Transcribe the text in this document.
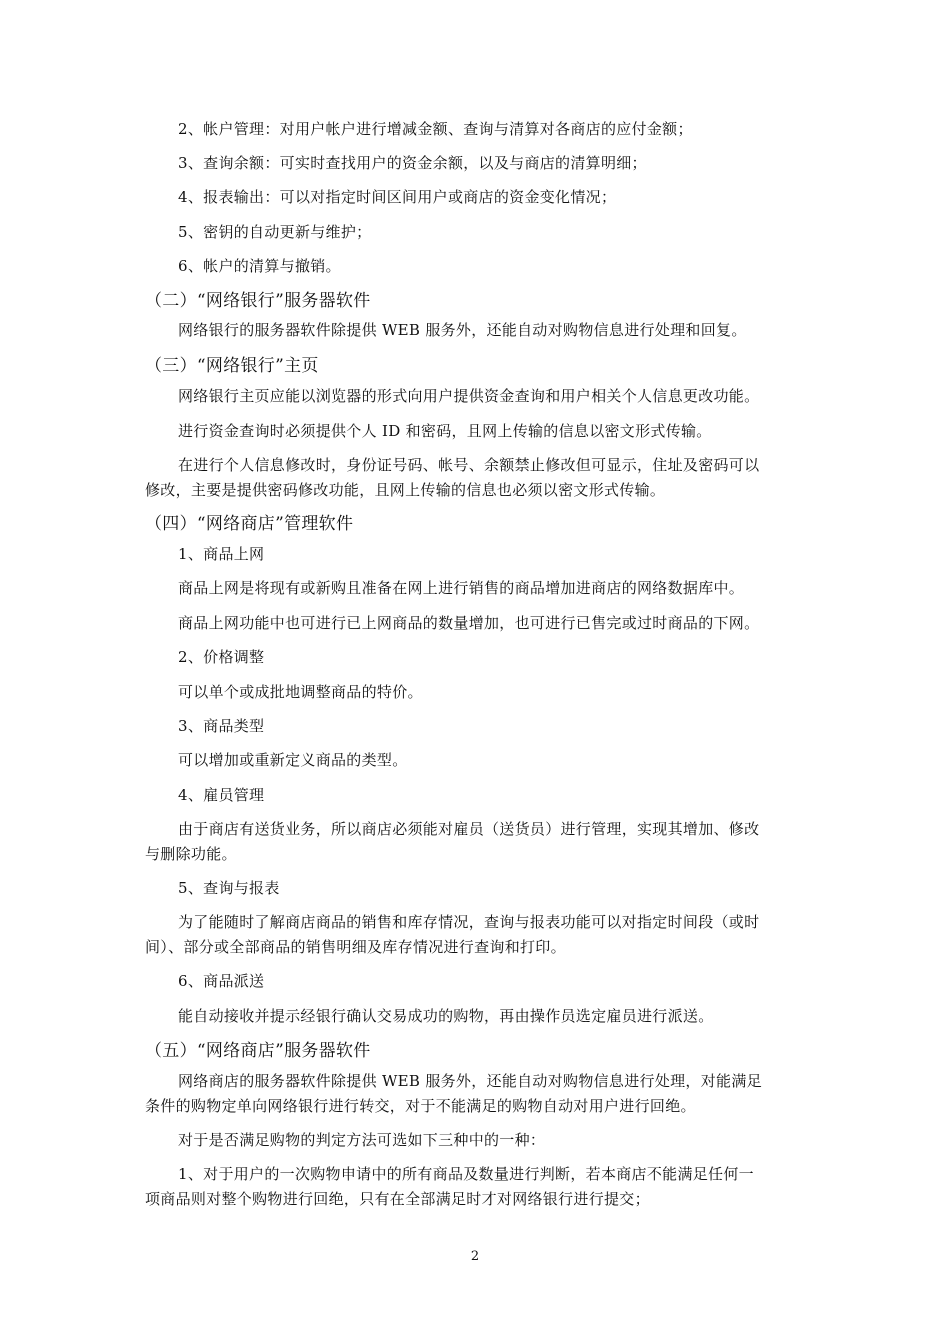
2、帐户管理：对用户帐户进行增减金额、查询与清算对各商店的应付金额；
3、查询余额：可实时查找用户的资金余额，以及与商店的清算明细；
4、报表输出：可以对指定时间区间用户或商店的资金变化情况；
5、密钥的自动更新与维护；
6、帐户的清算与撤销。
（二）“网络银行”服务器软件
网络银行的服务器软件除提供 WEB 服务外，还能自动对购物信息进行处理和回复。
（三）“网络银行”主页
网络银行主页应能以浏览器的形式向用户提供资金查询和用户相关个人信息更改功能。
进行资金查询时必须提供个人 ID 和密码，且网上传输的信息以密文形式传输。
在进行个人信息修改时，身份证号码、帐号、余额禁止修改但可显示，住址及密码可以
修改，主要是提供密码修改功能，且网上传输的信息也必须以密文形式传输。
（四）“网络商店”管理软件
1、商品上网
商品上网是将现有或新购且准备在网上进行销售的商品增加进商店的网络数据库中。
商品上网功能中也可进行已上网商品的数量增加，也可进行已售完或过时商品的下网。
2、价格调整
可以单个或成批地调整商品的特价。
3、商品类型
可以增加或重新定义商品的类型。
4、雇员管理
由于商店有送货业务，所以商店必须能对雇员（送货员）进行管理，实现其增加、修改
与删除功能。
5、查询与报表
为了能随时了解商店商品的销售和库存情况，查询与报表功能可以对指定时间段（或时
间）、部分或全部商品的销售明细及库存情况进行查询和打印。
6、商品派送
能自动接收并提示经银行确认交易成功的购物，再由操作员选定雇员进行派送。
（五）“网络商店”服务器软件
网络商店的服务器软件除提供 WEB 服务外，还能自动对购物信息进行处理，对能满足
条件的购物定单向网络银行进行转交，对于不能满足的购物自动对用户进行回绝。
对于是否满足购物的判定方法可选如下三种中的一种：
1、对于用户的一次购物申请中的所有商品及数量进行判断，若本商店不能满足任何一
项商品则对整个购物进行回绝，只有在全部满足时才对网络银行进行提交；
2
